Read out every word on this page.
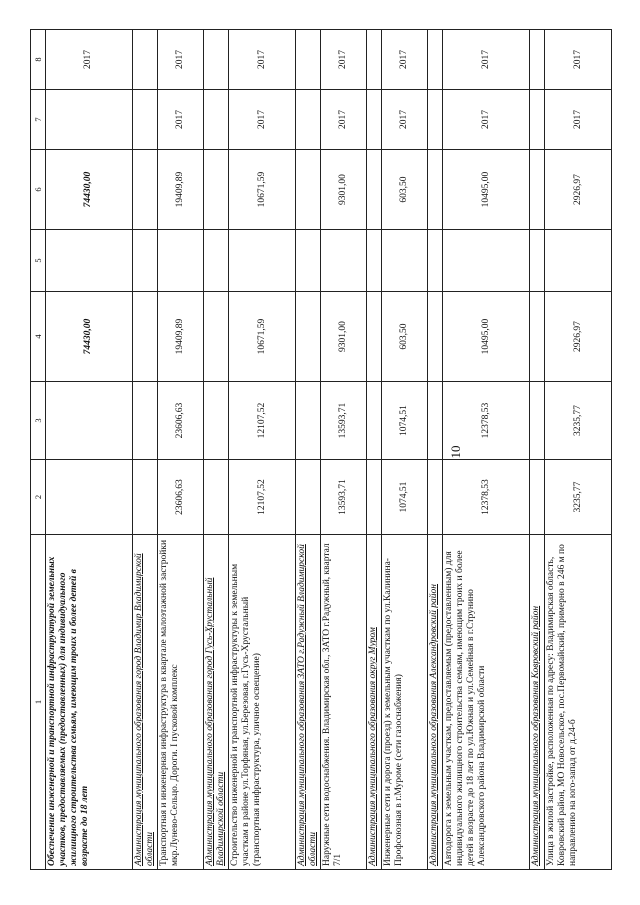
10
1	2	3	4	5	6	7	8
Обеспечение инженерной и транспортной инфраструктурой земельных участков, предоставляемых (предоставленных) для индивидуального жилищного строительства семьям, имеющим троих и более детей в возрасте до 18 лет			74430,00		74430,00		2017
Администрация муниципального образования город Владимир Владимирской области							
Транспортная и инженерная инфраструктура в квартале малоэтажной застройки мкр.Лунево-Сельцо. Дороги. I пусковой комплекс	23606,63	23606,63	19409,89		19409,89	2017	2017
Администрация муниципального образования город Гусь-Хрустальный Владимирской области							
Строительство инженерной и транспортной инфраструктуры к земельным участкам в районе ул.Торфяная, ул.Березовая, г.Гусь-Хрустальный (транспортная инфраструктура, уличное освещение)	12107,52	12107,52	10671,59		10671,59	2017	2017
Администрация муниципального образования ЗАТО г.Радужный Владимирской области							
Наружные сети водоснабжения. Владимирская обл., ЗАТО г.Радужный, квартал 7/1	13593,71	13593,71	9301,00		9301,00	2017	2017
Администрация муниципального образования округ Муром							
Инженерные сети и дорога (проезд) к земельным участкам по ул.Калинина-Профсоюзная в г.Муроме (сети газоснабжения)	1074,51	1074,51	603,50		603,50	2017	2017
Администрация муниципального образования Александровский район							
Автодорога к земельным участкам, предоставляемым (предоставленным) для индивидуального жилищного строительства семьям, имеющим троих и более детей в возрасте до 18 лет по ул.Южная и ул.Семейная в г.Струнино Александровского района Владимирской области	12378,53	12378,53	10495,00		10495,00	2017	2017
Администрация муниципального образования Ковровский район							
Улица в жилой застройке, расположенная по адресу: Владимирская область, Ковровский район, МО Новосельское, пос.Первомайский, примерно в 246 м по направлению на юго-запад от д.24-б	3235,77	3235,77	2926,97		2926,97	2017	2017
